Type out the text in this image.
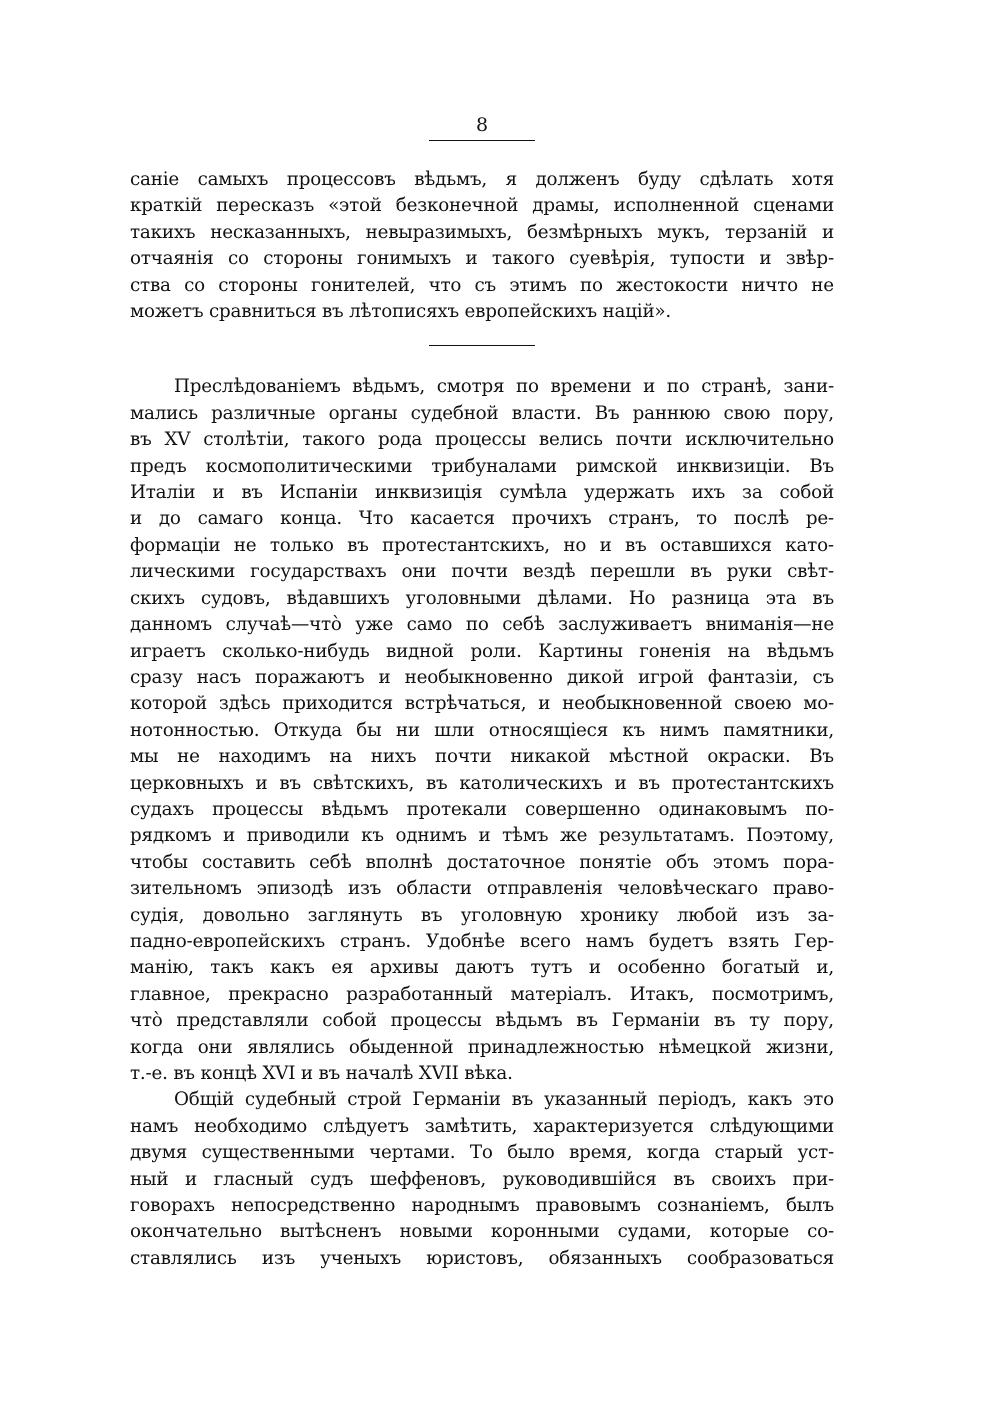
8
саніе самыхъ процессовъ вѣдьмъ, я долженъ буду сдѣлать хотя
краткій пересказъ «этой безконечной драмы, исполненной сценами
такихъ несказанныхъ, невыразимыхъ, безмѣрныхъ мукъ, терзаній и
отчаянія со стороны гонимыхъ и такого суевѣрія, тупости и звѣр-
ства со стороны гонителей, что съ этимъ по жестокости ничто не
можетъ сравниться въ лѣтописяхъ европейскихъ націй».
Преслѣдованіемъ вѣдьмъ, смотря по времени и по странѣ, зани-
мались различные органы судебной власти. Въ раннюю свою пору,
въ XV столѣтіи, такого рода процессы велись почти исключительно
предъ космополитическими трибуналами римской инквизиціи. Въ
Италіи и въ Испаніи инквизиція сумѣла удержать ихъ за собой
и до самаго конца. Что касается прочихъ странъ, то послѣ ре-
формаціи не только въ протестантскихъ, но и въ оставшихся като-
лическими государствахъ они почти вездѣ перешли въ руки свѣт-
скихъ судовъ, вѣдавшихъ уголовными дѣлами. Но разница эта въ
данномъ случаѣ—что̀ уже само по себѣ заслуживаетъ вниманія—не
играетъ сколько-нибудь видной роли. Картины гоненія на вѣдьмъ
сразу насъ поражаютъ и необыкновенно дикой игрой фантазіи, съ
которой здѣсь приходится встрѣчаться, и необыкновенной своею мо-
нотонностью. Откуда бы ни шли относящіеся къ нимъ памятники,
мы не находимъ на нихъ почти никакой мѣстной окраски. Въ
церковныхъ и въ свѣтскихъ, въ католическихъ и въ протестантскихъ
судахъ процессы вѣдьмъ протекали совершенно одинаковымъ по-
рядкомъ и приводили къ однимъ и тѣмъ же результатамъ. Поэтому,
чтобы составить себѣ вполнѣ достаточное понятіе объ этомъ пора-
зительномъ эпизодѣ изъ области отправленія человѣческаго право-
судія, довольно заглянуть въ уголовную хронику любой изъ за-
падно-европейскихъ странъ. Удобнѣе всего намъ будетъ взять Гер-
манію, такъ какъ ея архивы даютъ тутъ и особенно богатый и,
главное, прекрасно разработанный матеріалъ. Итакъ, посмотримъ,
что̀ представляли собой процессы вѣдьмъ въ Германіи въ ту пору,
когда они являлись обыденной принадлежностью нѣмецкой жизни,
т.-е. въ концѣ XVI и въ началѣ XVII вѣка.
Общій судебный строй Германіи въ указанный періодъ, какъ это
намъ необходимо слѣдуетъ замѣтить, характеризуется слѣдующими
двумя существенными чертами. То было время, когда старый уст-
ный и гласный судъ шеффеновъ, руководившійся въ своихъ при-
говорахъ непосредственно народнымъ правовымъ сознаніемъ, былъ
окончательно вытѣсненъ новыми коронными судами, которые со-
ставлялись изъ ученыхъ юристовъ, обязанныхъ сообразоваться
